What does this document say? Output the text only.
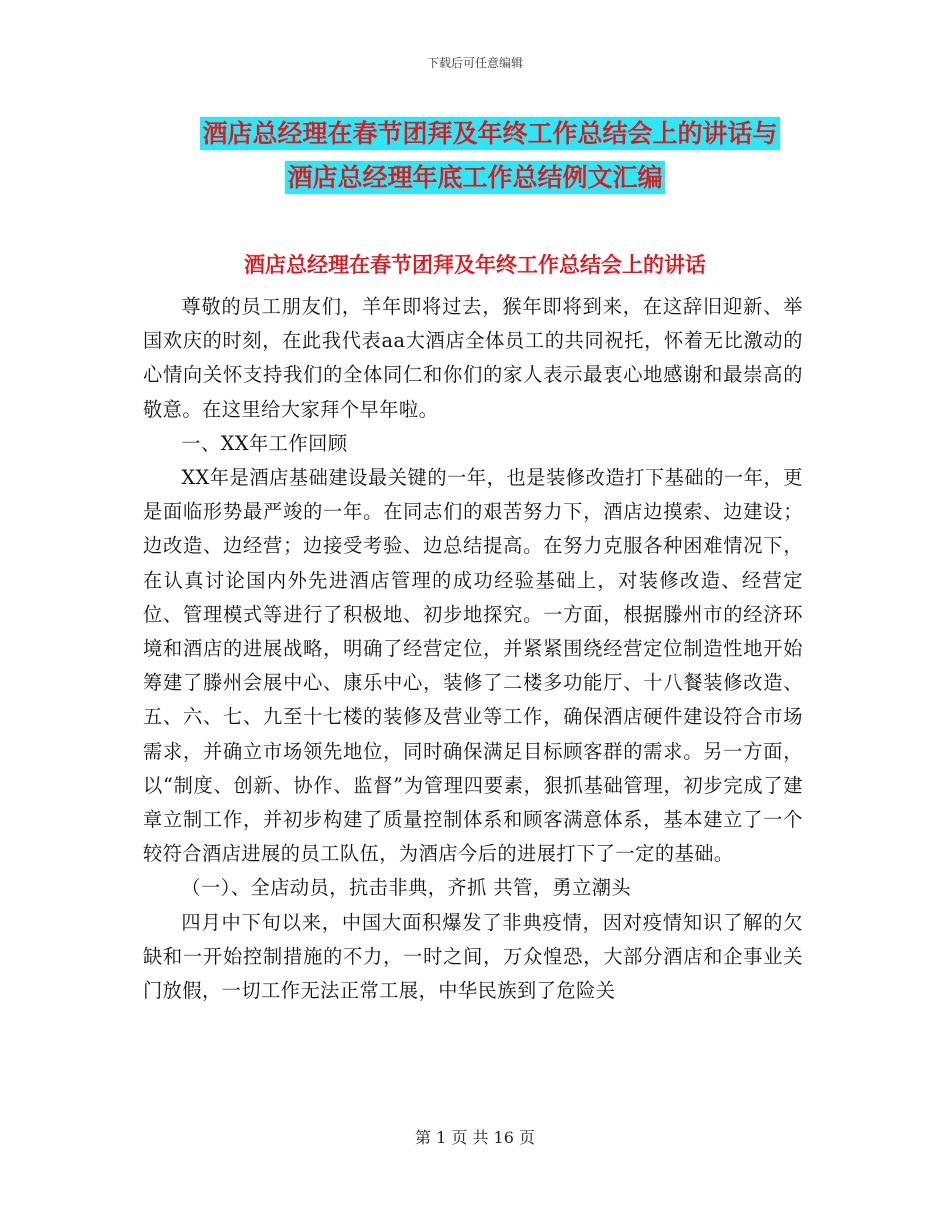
下载后可任意编辑
酒店总经理在春节团拜及年终工作总结会上的讲话与
酒店总经理年底工作总结例文汇编
酒店总经理在春节团拜及年终工作总结会上的讲话

尊敬的员工朋友们，羊年即将过去，猴年即将到来，在这辞旧迎新、举国欢庆的时刻，在此我代表aa大酒店全体员工的共同祝托，怀着无比激动的心情向关怀支持我们的全体同仁和你们的家人表示最衷心地感谢和最崇高的敬意。在这里给大家拜个早年啦。

一、XX年工作回顾

XX年是酒店基础建设最关键的一年，也是装修改造打下基础的一年，更是面临形势最严竣的一年。在同志们的艰苦努力下，酒店边摸索、边建设；边改造、边经营；边接受考验、边总结提高。在努力克服各种困难情况下，在认真讨论国内外先进酒店管理的成功经验基础上，对装修改造、经营定位、管理模式等进行了积极地、初步地探究。一方面，根据滕州市的经济环境和酒店的进展战略，明确了经营定位，并紧紧围绕经营定位制造性地开始筹建了滕州会展中心、康乐中心，装修了二楼多功能厅、十八餐装修改造、五、六、七、九至十七楼的装修及营业等工作，确保酒店硬件建设符合市场需求，并确立市场领先地位，同时确保满足目标顾客群的需求。另一方面，以“制度、创新、协作、监督”为管理四要素，狠抓基础管理，初步完成了建章立制工作，并初步构建了质量控制体系和顾客满意体系，基本建立了一个较符合酒店进展的员工队伍，为酒店今后的进展打下了一定的基础。

（一）、全店动员，抗击非典，齐抓 共管，勇立潮头

四月中下旬以来，中国大面积爆发了非典疫情，因对疫情知识了解的欠缺和一开始控制措施的不力，一时之间，万众惶恐，大部分酒店和企事业关门放假，一切工作无法正常工展，中华民族到了危险关

第 1 页 共 16 页
